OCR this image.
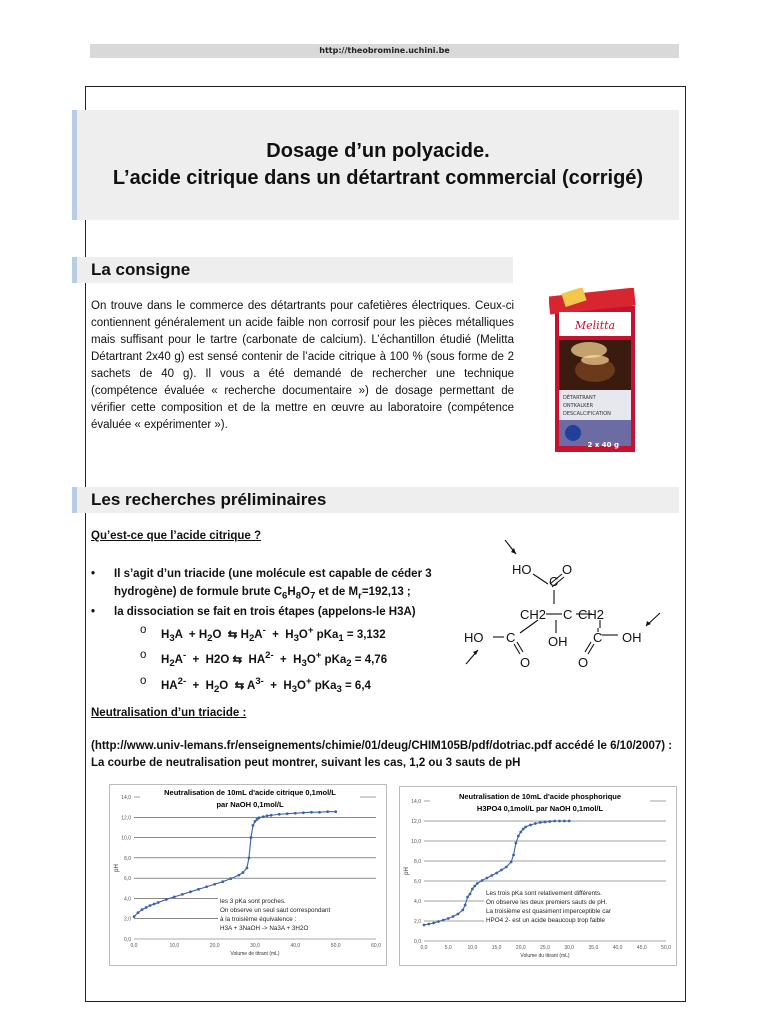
http://theobromine.uchini.be
Dosage d’un polyacide.
L’acide citrique dans un détartrant commercial (corrigé)
La consigne
On trouve dans le commerce des détartrants pour cafetières électriques. Ceux-ci contiennent généralement un acide faible non corrosif pour les pièces métalliques mais suffisant pour le tartre (carbonate de calcium). L’échantillon étudié (Melitta Détartrant 2x40 g) est sensé contenir de l’acide citrique à 100 % (sous forme de 2 sachets de 40 g). Il vous a été demandé de rechercher une technique (compétence évaluée « recherche documentaire ») de dosage permettant de vérifier cette composition et de la mettre en œuvre au laboratoire (compétence évaluée « expérimenter »).
Melitta
DÉTARTRANT
ONTKALKER
DESCALCIFICATION
2 x 40 g
Les recherches préliminaires
Qu’est-ce que l’acide citrique ?
• Il s’agit d’un triacide (une molécule est capable de céder 3 hydrogène) de formule brute $C_6H_8O_7$ et de $M_r=192,13$ ;
• la dissociation se fait en trois étapes (appelons-le H3A)
o $H_3A + H_2O$  ⇆ $H_2A^- + H_3O^+$ pKa$_1$ = 3,132
o $H_2A^- + H2O$ ⇆  $HA^{2-} + H_3O^+$ pKa$_2$ = 4,76
o $HA^{2-} + H_2O$  ⇆ $A^{3-} + H_3O^+$ pKa$_3$ = 6,4
HO
C
O
CH2 C CH2
HO C
O
OH C OH
O
Neutralisation d’un triacide :
(http://www.univ-lemans.fr/enseignements/chimie/01/deug/CHIM105B/pdf/dotriac.pdf accédé le 6/10/2007) : La courbe de neutralisation peut montrer, suivant les cas, 1,2 ou 3 sauts de pH
0,0
2,0
4,0
6,0
8,0
10,0
12,0
14,0
0,0	10,0	20,0	30,0	40,0	50,0	60,0
Volume de titrant (mL)
pH
Neutralisation de 10mL d'acide citrique 0,1mol/L
par NaOH 0,1mol/L
les 3 pKa sont proches.
On observe un seul saut correspondant
à la troisième équivalence :
H3A + 3NaOH -> Na3A + 3H2O
0,0
2,0
4,0
6,0
8,0
10,0
12,0
14,0
0,0	5,0	10,0	15,0	20,0	25,0	30,0	35,0	40,0	45,0	50,0
Volume du titrant (mL)
pH
Neutralisation de 10mL d'acide phosphorique
H3PO4 0,1mol/L par NaOH 0,1mol/L
Les trois pKa sont relativement différents.
On observe les deux premiers sauts de pH.
La troisième est quasiment imperceptible car
HPO4 2- est un acide beaucoup trop faible
